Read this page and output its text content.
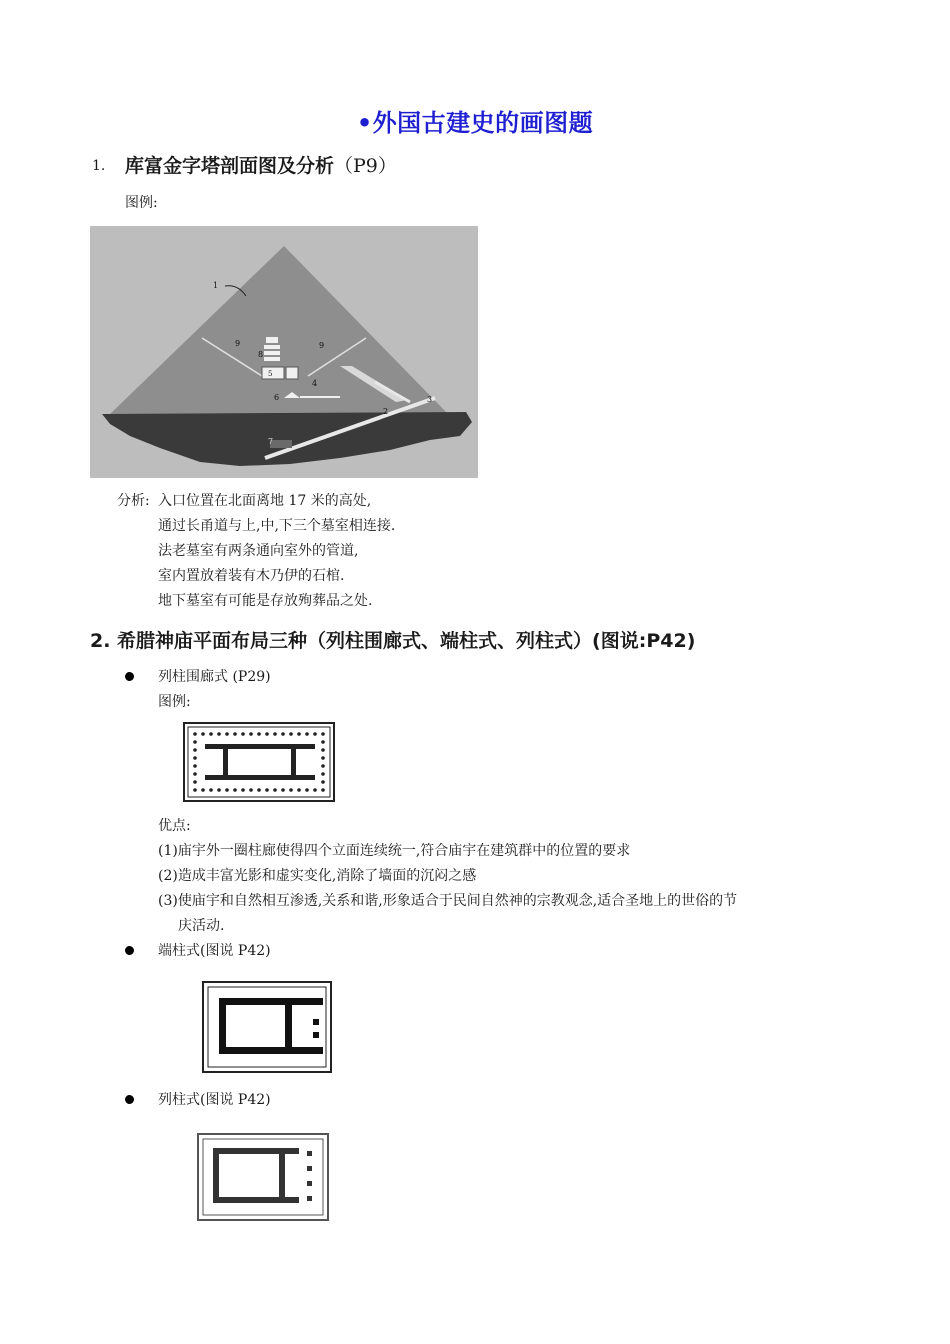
•外国古建史的画图题
1. 库富金字塔剖面图及分析（P9）
图例:
1
2
3
4
5
6
7
8
9	9
分析: 入口位置在北面离地 17 米的高处,
通过长甬道与上,中,下三个墓室相连接.
法老墓室有两条通向室外的管道,
室内置放着装有木乃伊的石棺.
地下墓室有可能是存放殉葬品之处.
2. 希腊神庙平面布局三种（列柱围廊式、端柱式、列柱式）(图说:P42)
列柱围廊式 (P29)
图例:
优点:
(1)庙宇外一圈柱廊使得四个立面连续统一,符合庙宇在建筑群中的位置的要求
(2)造成丰富光影和虚实变化,消除了墙面的沉闷之感
(3)使庙宇和自然相互渗透,关系和谐,形象适合于民间自然神的宗教观念,适合圣地上的世俗的节
庆活动.
端柱式(图说 P42)
列柱式(图说 P42)
